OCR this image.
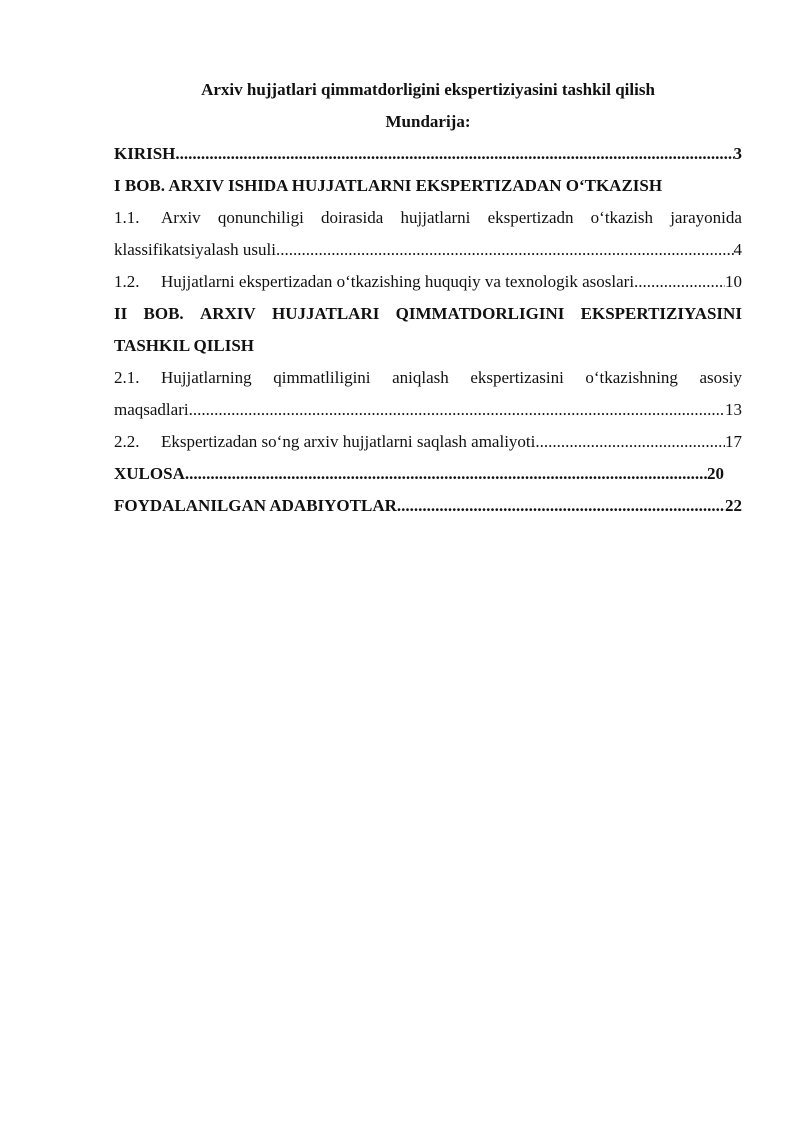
Arxiv hujjatlari qimmatdorligini ekspertiziyasini tashkil qilish
Mundarija:
KIRISH .....	3
I BOB. ARXIV ISHIDA HUJJATLARNI EKSPERTIZADAN O‘TKAZISH
1.1.	Arxiv qonunchiligi doirasida hujjatlarni ekspertizadn o‘tkazish jarayonida
klassifikatsiyalash usuli .....	4
1.2.	Hujjatlarni ekspertizadan o‘tkazishing huquqiy va texnologik asoslari .....	10
II BOB. ARXIV HUJJATLARI QIMMATDORLIGINI EKSPERTIZIYASINI
TASHKIL QILISH
2.1.	Hujjatlarning qimmatliligini aniqlash ekspertizasini o‘tkazishning asosiy
maqsadlari .....	13
2.2.	Ekspertizadan so‘ng arxiv hujjatlarni saqlash amaliyoti .....	17
XULOSA .....	20
FOYDALANILGAN ADABIYOTLAR .....	22
